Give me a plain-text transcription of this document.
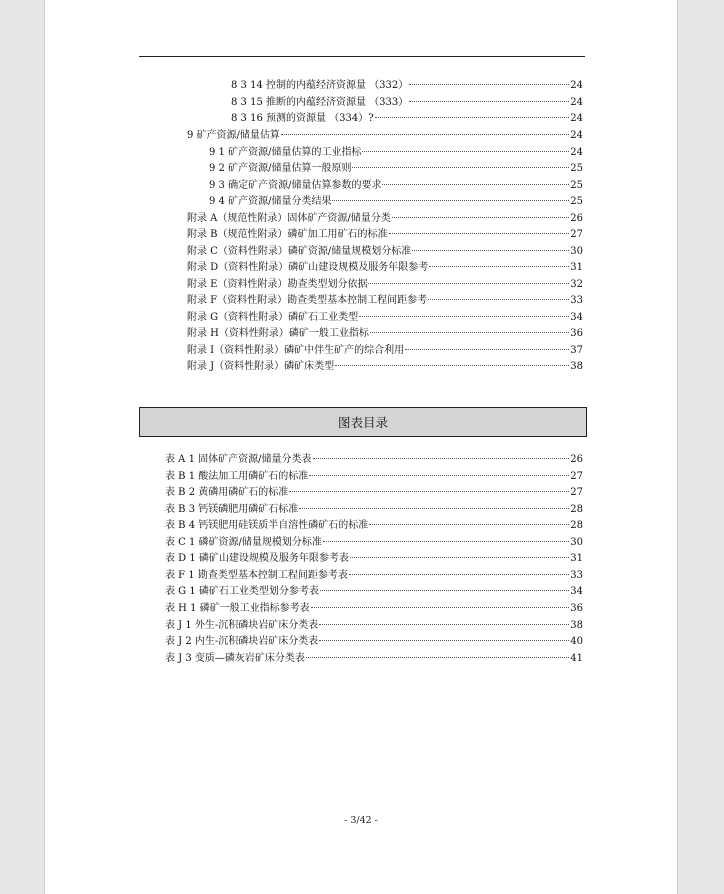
8 3 14 控制的内蕴经济资源量 （332）	24
8 3 15 推断的内蕴经济资源量 （333）	24
8 3 16 预测的资源量 （334）?	24
9 矿产资源/储量估算	24
9 1 矿产资源/储量估算的工业指标	24
9 2 矿产资源/储量估算一般原则	25
9 3 确定矿产资源/储量估算参数的要求	25
9 4 矿产资源/储量分类结果	25
附录 A（规范性附录）固体矿产资源/储量分类	26
附录 B（规范性附录）磷矿加工用矿石的标准	27
附录 C（资料性附录）磷矿资源/储量规模划分标准	30
附录 D（资料性附录）磷矿山建设规模及服务年限参考	31
附录 E（资料性附录）勘查类型划分依据	32
附录 F（资料性附录）勘查类型基本控制工程间距参考	33
附录 G（资料性附录）磷矿石工业类型	34
附录 H（资料性附录）磷矿一般工业指标	36
附录 I（资料性附录）磷矿中伴生矿产的综合利用	37
附录 J（资料性附录）磷矿床类型	38
图表目录
表 A 1 固体矿产资源/储量分类表	26
表 B 1 酸法加工用磷矿石的标准	27
表 B 2 黄磷用磷矿石的标准	27
表 B 3 钙镁磷肥用磷矿石标准	28
表 B 4 钙镁肥用硅镁质半自溶性磷矿石的标准	28
表 C 1 磷矿资源/储量规模划分标准	30
表 D 1 磷矿山建设规模及服务年限参考表	31
表 F 1 勘查类型基本控制工程间距参考表	33
表 G 1 磷矿石工业类型划分参考表	34
表 H 1 磷矿一般工业指标参考表	36
表 J 1 外生-沉积磷块岩矿床分类表	38
表 J 2 内生-沉积磷块岩矿床分类表	40
表 J 3 变质—磷灰岩矿床分类表	41
- 3/42 -
